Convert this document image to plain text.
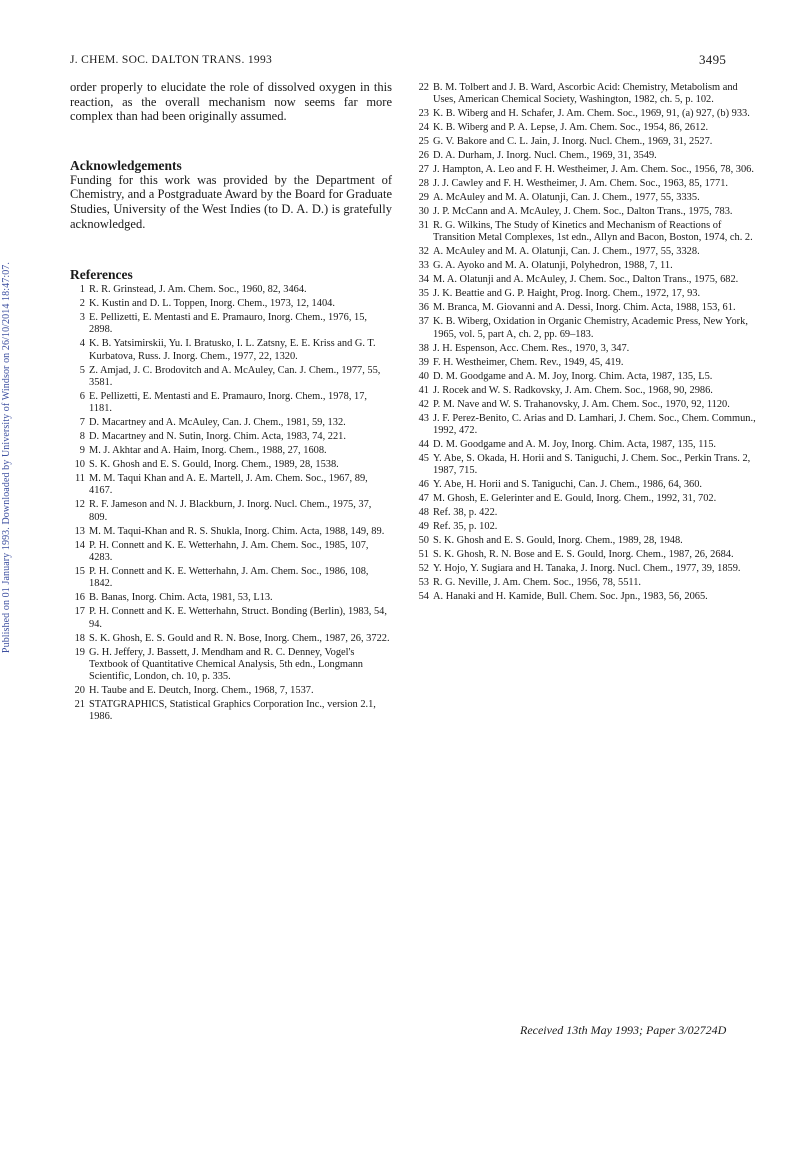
Published on 01 January 1993. Downloaded by University of Windsor on 26/10/2014 18:47:07.
J. CHEM. SOC. DALTON TRANS. 1993	3495

order properly to elucidate the role of dissolved oxygen in this reaction, as the overall mechanism now seems far more complex than had been originally assumed.

Acknowledgements

Funding for this work was provided by the Department of Chemistry, and a Postgraduate Award by the Board for Graduate Studies, University of the West Indies (to D. A. D.) is gratefully acknowledged.

References
1 R. R. Grinstead, J. Am. Chem. Soc., 1960, 82, 3464.
2 K. Kustin and D. L. Toppen, Inorg. Chem., 1973, 12, 1404.
3 E. Pellizetti, E. Mentasti and E. Pramauro, Inorg. Chem., 1976, 15, 2898.
4 K. B. Yatsimirskii, Yu. I. Bratusko, I. L. Zatsny, E. E. Kriss and G. T. Kurbatova, Russ. J. Inorg. Chem., 1977, 22, 1320.
5 Z. Amjad, J. C. Brodovitch and A. McAuley, Can. J. Chem., 1977, 55, 3581.
6 E. Pellizetti, E. Mentasti and E. Pramauro, Inorg. Chem., 1978, 17, 1181.
7 D. Macartney and A. McAuley, Can. J. Chem., 1981, 59, 132.
8 D. Macartney and N. Sutin, Inorg. Chim. Acta, 1983, 74, 221.
9 M. J. Akhtar and A. Haim, Inorg. Chem., 1988, 27, 1608.
10 S. K. Ghosh and E. S. Gould, Inorg. Chem., 1989, 28, 1538.
11 M. M. Taqui Khan and A. E. Martell, J. Am. Chem. Soc., 1967, 89, 4167.
12 R. F. Jameson and N. J. Blackburn, J. Inorg. Nucl. Chem., 1975, 37, 809.
13 M. M. Taqui-Khan and R. S. Shukla, Inorg. Chim. Acta, 1988, 149, 89.
14 P. H. Connett and K. E. Wetterhahn, J. Am. Chem. Soc., 1985, 107, 4283.
15 P. H. Connett and K. E. Wetterhahn, J. Am. Chem. Soc., 1986, 108, 1842.
16 B. Banas, Inorg. Chim. Acta, 1981, 53, L13.
17 P. H. Connett and K. E. Wetterhahn, Struct. Bonding (Berlin), 1983, 54, 94.
18 S. K. Ghosh, E. S. Gould and R. N. Bose, Inorg. Chem., 1987, 26, 3722.
19 G. H. Jeffery, J. Bassett, J. Mendham and R. C. Denney, Vogel's Textbook of Quantitative Chemical Analysis, 5th edn., Longmann Scientific, London, ch. 10, p. 335.
20 H. Taube and E. Deutch, Inorg. Chem., 1968, 7, 1537.
21 STATGRAPHICS, Statistical Graphics Corporation Inc., version 2.1, 1986.
22 B. M. Tolbert and J. B. Ward, Ascorbic Acid: Chemistry, Metabolism and Uses, American Chemical Society, Washington, 1982, ch. 5, p. 102.
23 K. B. Wiberg and H. Schafer, J. Am. Chem. Soc., 1969, 91, (a) 927, (b) 933.
24 K. B. Wiberg and P. A. Lepse, J. Am. Chem. Soc., 1954, 86, 2612.
25 G. V. Bakore and C. L. Jain, J. Inorg. Nucl. Chem., 1969, 31, 2527.
26 D. A. Durham, J. Inorg. Nucl. Chem., 1969, 31, 3549.
27 J. Hampton, A. Leo and F. H. Westheimer, J. Am. Chem. Soc., 1956, 78, 306.
28 J. J. Cawley and F. H. Westheimer, J. Am. Chem. Soc., 1963, 85, 1771.
29 A. McAuley and M. A. Olatunji, Can. J. Chem., 1977, 55, 3335.
30 J. P. McCann and A. McAuley, J. Chem. Soc., Dalton Trans., 1975, 783.
31 R. G. Wilkins, The Study of Kinetics and Mechanism of Reactions of Transition Metal Complexes, 1st edn., Allyn and Bacon, Boston, 1974, ch. 2.
32 A. McAuley and M. A. Olatunji, Can. J. Chem., 1977, 55, 3328.
33 G. A. Ayoko and M. A. Olatunji, Polyhedron, 1988, 7, 11.
34 M. A. Olatunji and A. McAuley, J. Chem. Soc., Dalton Trans., 1975, 682.
35 J. K. Beattie and G. P. Haight, Prog. Inorg. Chem., 1972, 17, 93.
36 M. Branca, M. Giovanni and A. Dessi, Inorg. Chim. Acta, 1988, 153, 61.
37 K. B. Wiberg, Oxidation in Organic Chemistry, Academic Press, New York, 1965, vol. 5, part A, ch. 2, pp. 69–183.
38 J. H. Espenson, Acc. Chem. Res., 1970, 3, 347.
39 F. H. Westheimer, Chem. Rev., 1949, 45, 419.
40 D. M. Goodgame and A. M. Joy, Inorg. Chim. Acta, 1987, 135, L5.
41 J. Rocek and W. S. Radkovsky, J. Am. Chem. Soc., 1968, 90, 2986.
42 P. M. Nave and W. S. Trahanovsky, J. Am. Chem. Soc., 1970, 92, 1120.
43 J. F. Perez-Benito, C. Arias and D. Lamhari, J. Chem. Soc., Chem. Commun., 1992, 472.
44 D. M. Goodgame and A. M. Joy, Inorg. Chim. Acta, 1987, 135, 115.
45 Y. Abe, S. Okada, H. Horii and S. Taniguchi, J. Chem. Soc., Perkin Trans. 2, 1987, 715.
46 Y. Abe, H. Horii and S. Taniguchi, Can. J. Chem., 1986, 64, 360.
47 M. Ghosh, E. Gelerinter and E. Gould, Inorg. Chem., 1992, 31, 702.
48 Ref. 38, p. 422.
49 Ref. 35, p. 102.
50 S. K. Ghosh and E. S. Gould, Inorg. Chem., 1989, 28, 1948.
51 S. K. Ghosh, R. N. Bose and E. S. Gould, Inorg. Chem., 1987, 26, 2684.
52 Y. Hojo, Y. Sugiara and H. Tanaka, J. Inorg. Nucl. Chem., 1977, 39, 1859.
53 R. G. Neville, J. Am. Chem. Soc., 1956, 78, 5511.
54 A. Hanaki and H. Kamide, Bull. Chem. Soc. Jpn., 1983, 56, 2065.
Received 13th May 1993; Paper 3/02724D
